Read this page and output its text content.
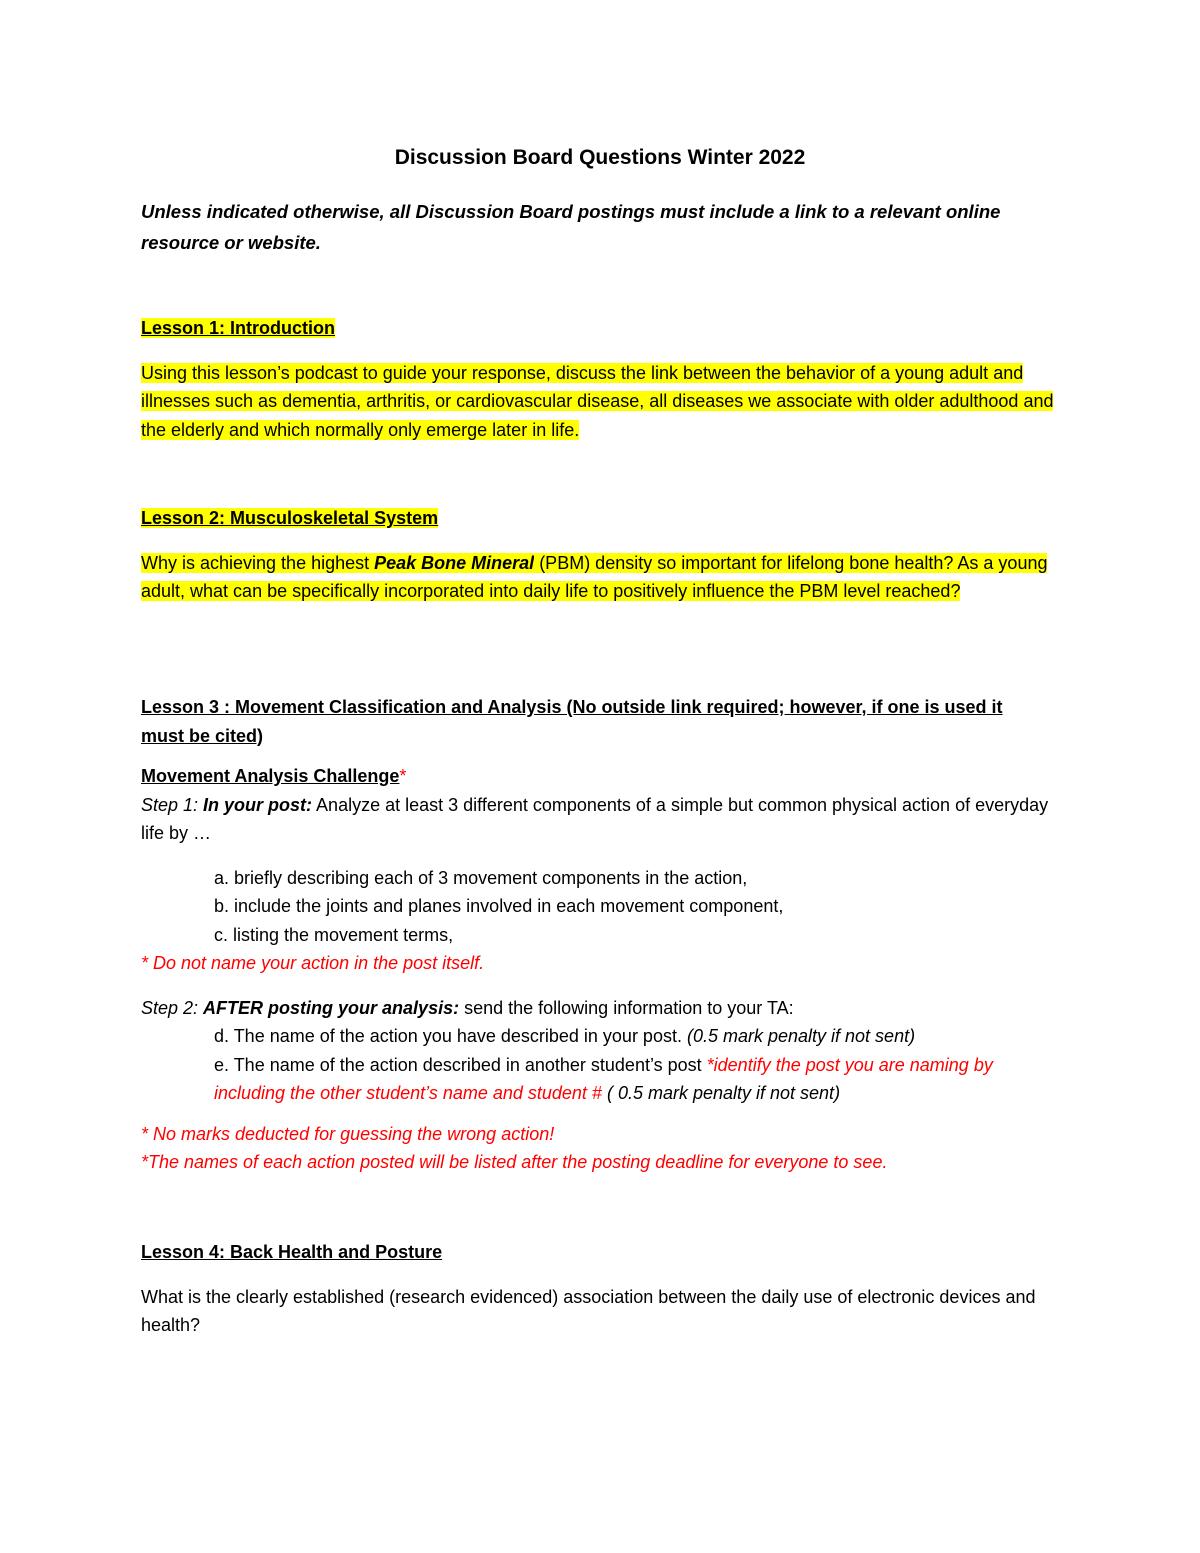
Discussion Board Questions Winter 2022
Unless indicated otherwise, all Discussion Board postings must include a link to a relevant online resource or website.

Lesson 1: Introduction

Using this lesson’s podcast to guide your response, discuss the link between the behavior of a young adult and illnesses such as dementia, arthritis, or cardiovascular disease, all diseases we associate with older adulthood and the elderly and which normally only emerge later in life.

Lesson 2: Musculoskeletal System

Why is achieving the highest Peak Bone Mineral (PBM) density so important for lifelong bone health? As a young adult, what can be specifically incorporated into daily life to positively influence the PBM level reached?

Lesson 3 : Movement Classification and Analysis (No outside link required; however, if one is used it must be cited)

Movement Analysis Challenge*

Step 1: In your post: Analyze at least 3 different components of a simple but common physical action of everyday life by …

a. briefly describing each of 3 movement components in the action,

b. include the joints and planes involved in each movement component,

c. listing the movement terms,

* Do not name your action in the post itself.

Step 2: AFTER posting your analysis: send the following information to your TA:

d. The name of the action you have described in your post. (0.5 mark penalty if not sent)

e. The name of the action described in another student’s post *identify the post you are naming by including the other student’s name and student # ( 0.5 mark penalty if not sent)

* No marks deducted for guessing the wrong action!

*The names of each action posted will be listed after the posting deadline for everyone to see.

Lesson 4: Back Health and Posture

What is the clearly established (research evidenced) association between the daily use of electronic devices and health?
